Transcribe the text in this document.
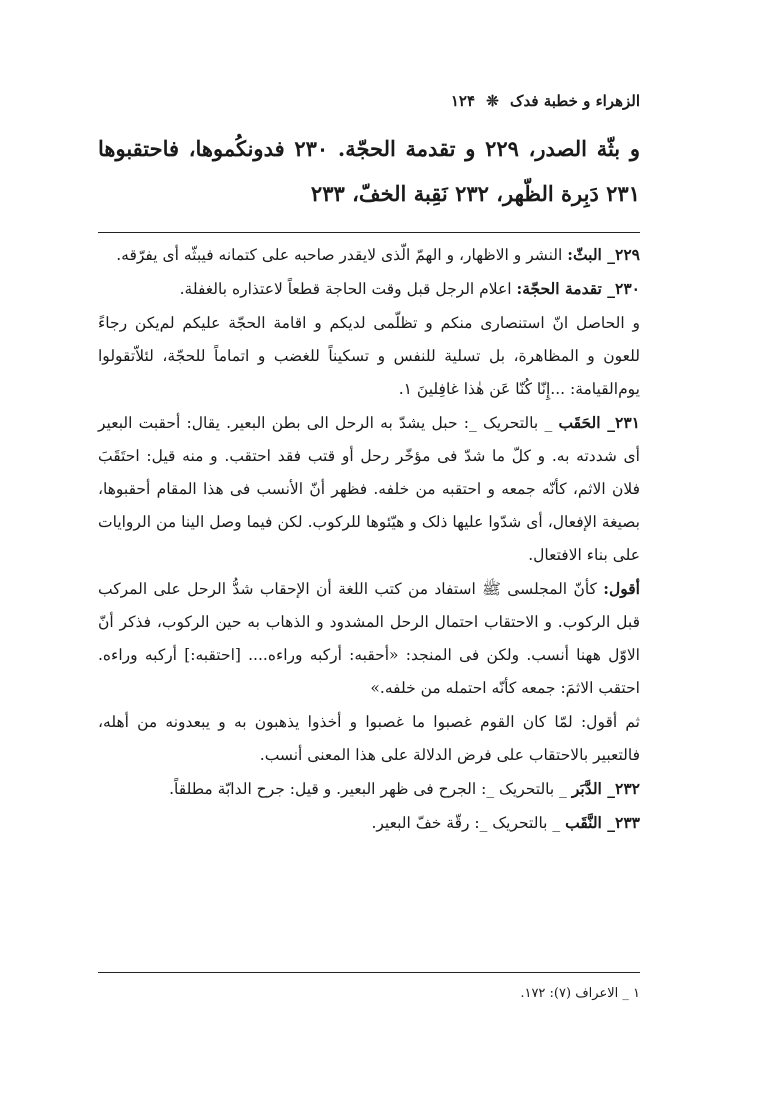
الزهراء و خطبة فدک ❊ ١٢۴
و بثّة الصدر، ٢٢٩ و تقدمة الحجّة. ٢٣٠ فدونكُموها، فاحتقبوها ٢٣١ دَبِرة الظّهر، ٢٣٢ نَقِبة الخفّ، ٢٣٣

٢٢٩_ البثّ: النشر و الاظهار، و الهمّ الّذى لايقدر صاحبه على كتمانه فيبثّه أى يفرّقه.

٢٣٠_ تقدمة الحجّة: اعلام الرجل قبل وقت الحاجة قطعاً لاعتذاره بالغفلة.

و الحاصل انّ استنصارى منكم و تظلّمى لديكم و اقامة الحجّة عليكم لم‌يكن رجاءً للعون و المظاهرة، بل تسلية للنفس و تسكيناً للغضب و اتماماً للحجّة، لئلاّتقولوا يوم‌القيامة: ...إِنّا كُنّا عَن هٰذا غافِلينَ ١.

٢٣١_ الحَقَب _ بالتحريک _: حبل يشدّ به الرحل الى بطن البعير. يقال: أحقبت البعير أى شددته به. و كلّ ما شدّ فى مؤخّر رحل أو قتب فقد احتقب. و منه قيل: احتَقَبَ فلان الاثم، كأنّه جمعه و احتقبه من خلفه. فظهر أنّ الأنسب فى هذا المقام أحقبوها، بصيغة الإفعال، أى شدّوا عليها ذلک و هيّئوها للركوب. لكن فيما وصل الينا من الروايات على بناء الافتعال.

أقول: كأنّ المجلسى ﷺ استفاد من كتب اللغة أن الإحقاب شدُّ الرحل على المركب قبل الركوب. و الاحتقاب احتمال الرحل المشدود و الذهاب به حين الركوب، فذكر أنّ الاوّل ههنا أنسب. ولكن فى المنجد: «أحقبه: أركبه وراءه.... [احتقبه:] أركبه وراءه. احتقب الاثمَ: جمعه كأنّه احتمله من خلفه.»

ثم أقول: لمّا كان القوم غصبوا ما غصبوا و أخذوا يذهبون به و يبعدونه من أهله، فالتعبير بالاحتقاب على فرض الدلالة على هذا المعنى أنسب.

٢٣٢_ الدَّبَر _ بالتحريک _: الجرح فى ظهر البعير. و قيل: جرح الدابّة مطلقاً.

٢٣٣_ النَّقَب _ بالتحريک _: رقّة خفّ البعير.

١ _ الاعراف (٧): ١٧٢.
